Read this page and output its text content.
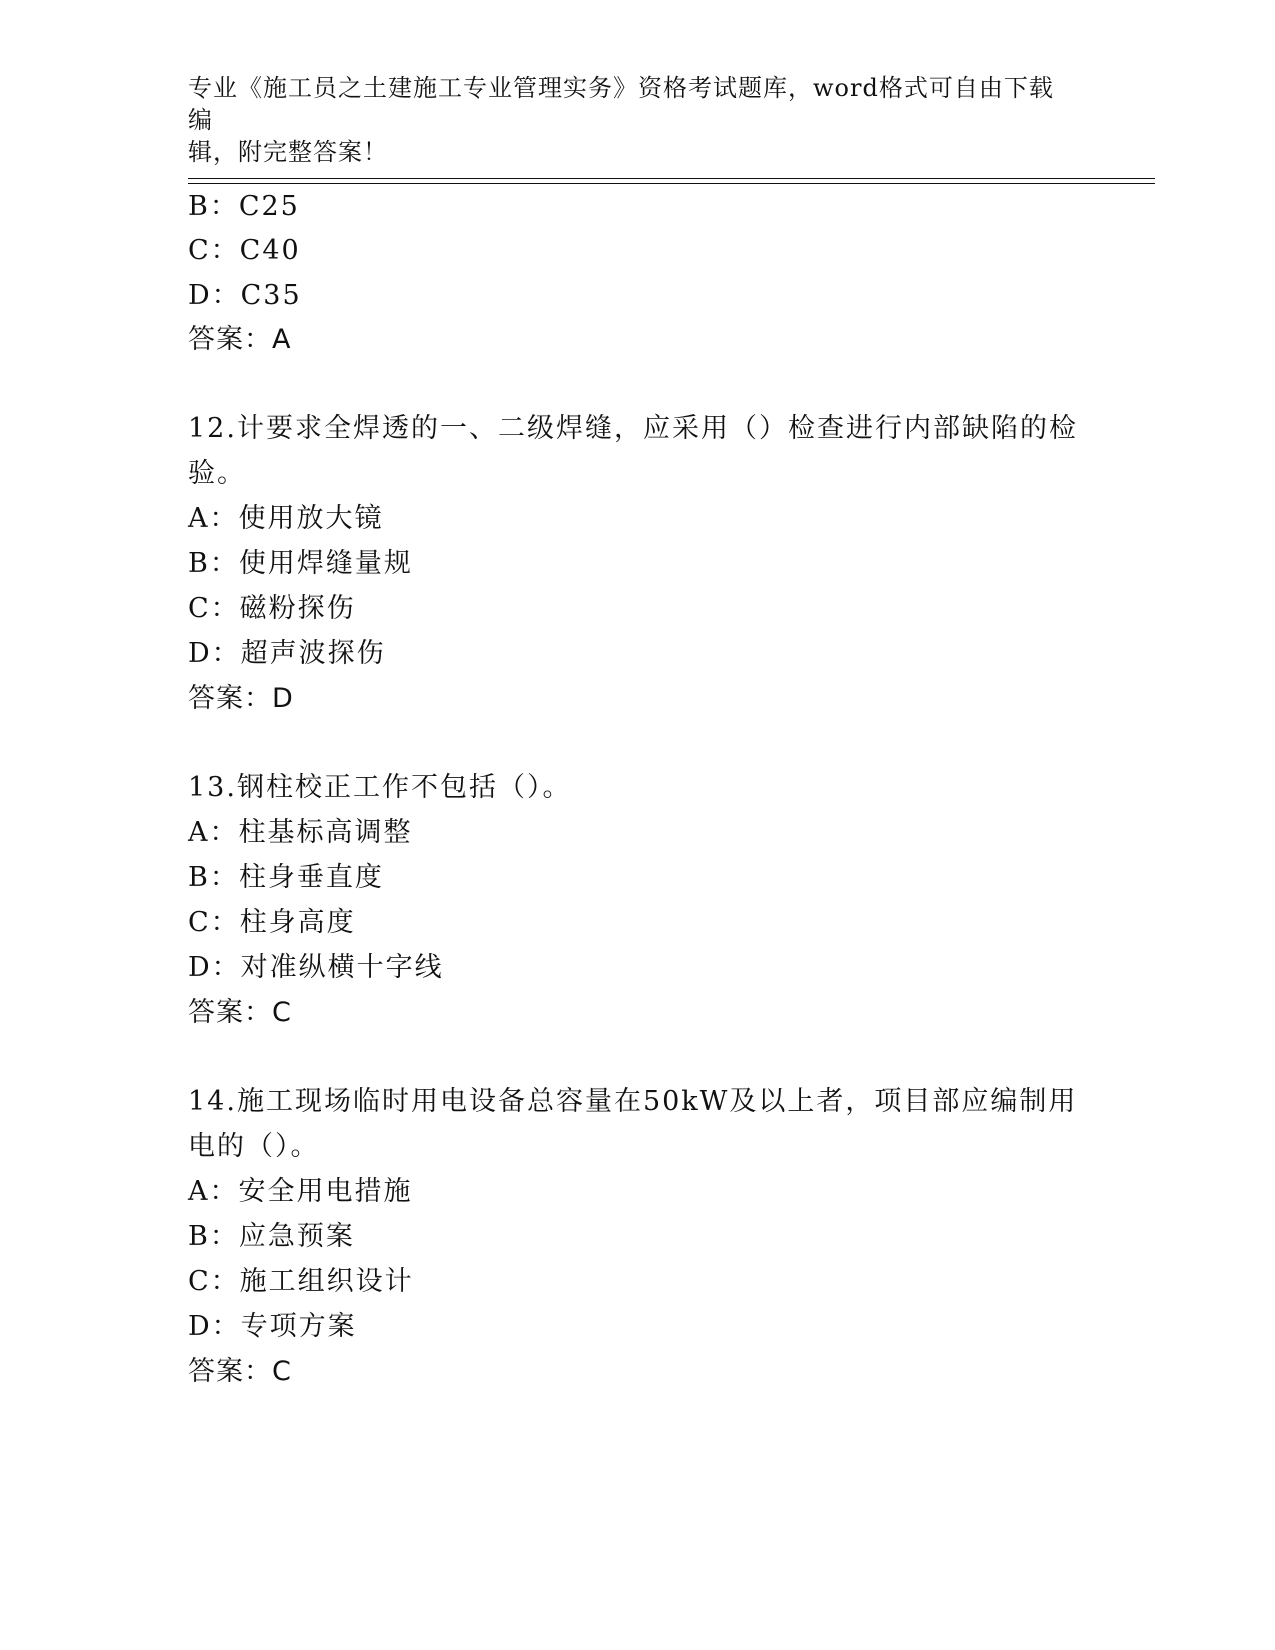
专业《施工员之土建施工专业管理实务》资格考试题库，word格式可自由下载编
辑，附完整答案！
B：C25
C：C40
D：C35
答案：A
12.计要求全焊透的一、二级焊缝，应采用（）检查进行内部缺陷的检
验。
A：使用放大镜
B：使用焊缝量规
C：磁粉探伤
D：超声波探伤
答案：D
13.钢柱校正工作不包括（）。
A：柱基标高调整
B：柱身垂直度
C：柱身高度
D：对准纵横十字线
答案：C
14.施工现场临时用电设备总容量在50kW及以上者，项目部应编制用
电的（）。
A：安全用电措施
B：应急预案
C：施工组织设计
D：专项方案
答案：C
